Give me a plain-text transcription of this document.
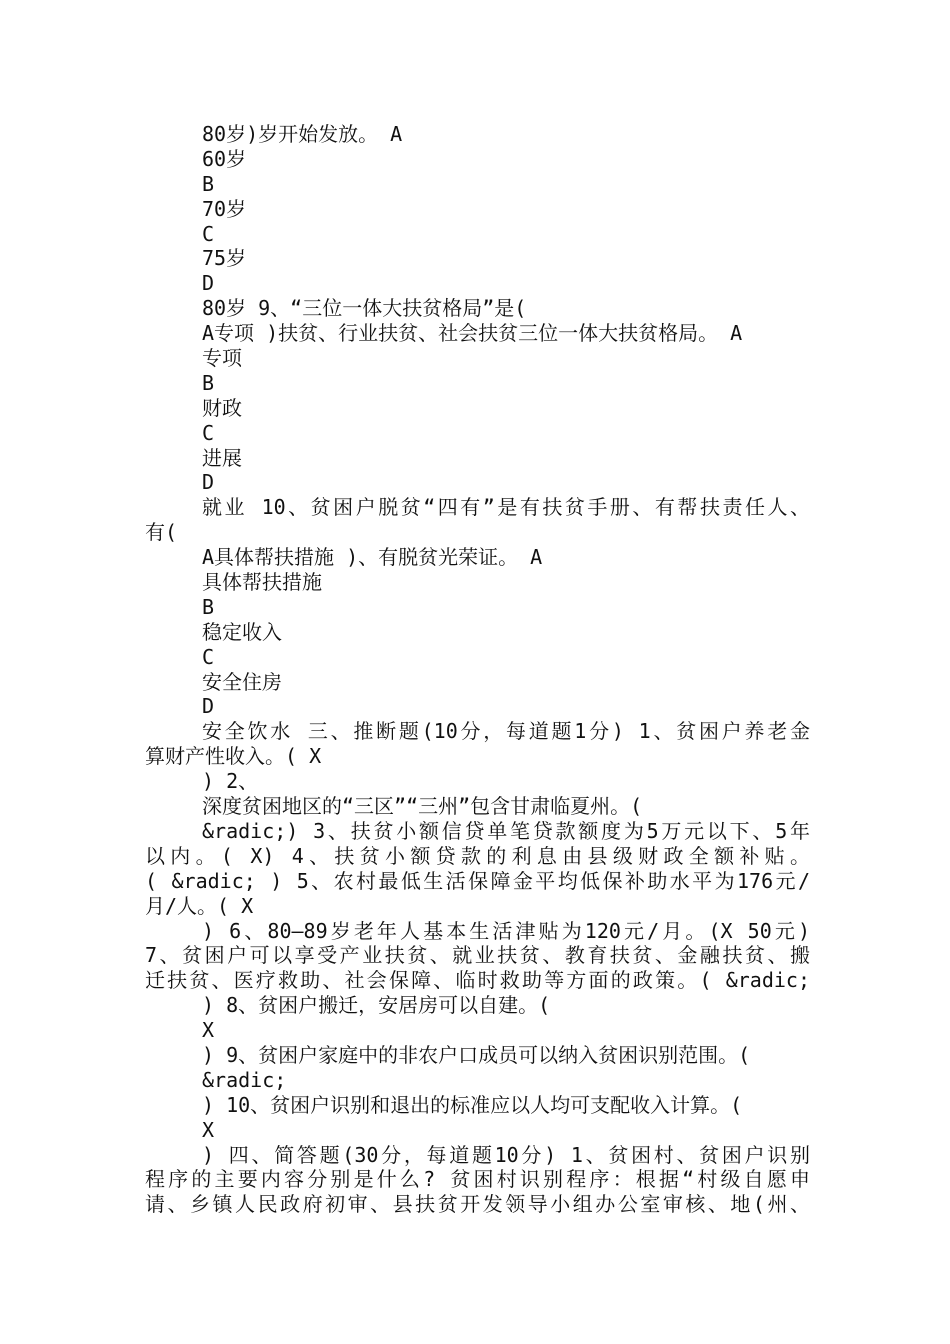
80岁)岁开始发放。 A
60岁
B
70岁
C
75岁
D
80岁 9、“三位一体大扶贫格局”是(
A专项 )扶贫、行业扶贫、社会扶贫三位一体大扶贫格局。 A
专项
B
财政
C
进展
D
就业 10、贫困户脱贫“四有”是有扶贫手册、有帮扶责任人、
有(
A具体帮扶措施 )、有脱贫光荣证。 A
具体帮扶措施
B
稳定收入
C
安全住房
D
安全饮水 三、推断题(10分，每道题1分) 1、贫困户养老金
算财产性收入。( X
) 2、
深度贫困地区的“三区”“三州”包含甘肃临夏州。(
&radic;) 3、扶贫小额信贷单笔贷款额度为5万元以下、5年
以内。( X) 4、扶贫小额贷款的利息由县级财政全额补贴。
( &radic; ) 5、农村最低生活保障金平均低保补助水平为176元/
月/人。( X
) 6、80—89岁老年人基本生活津贴为120元/月。(X 50元)
7、贫困户可以享受产业扶贫、就业扶贫、教育扶贫、金融扶贫、搬
迁扶贫、医疗救助、社会保障、临时救助等方面的政策。( &radic;
) 8、贫困户搬迁，安居房可以自建。(
X
) 9、贫困户家庭中的非农户口成员可以纳入贫困识别范围。(
&radic;
) 10、贫困户识别和退出的标准应以人均可支配收入计算。(
X
) 四、简答题(30分，每道题10分) 1、贫困村、贫困户识别
程序的主要内容分别是什么? 贫困村识别程序：根据“村级自愿申
请、乡镇人民政府初审、县扶贫开发领导小组办公室审核、地(州、
